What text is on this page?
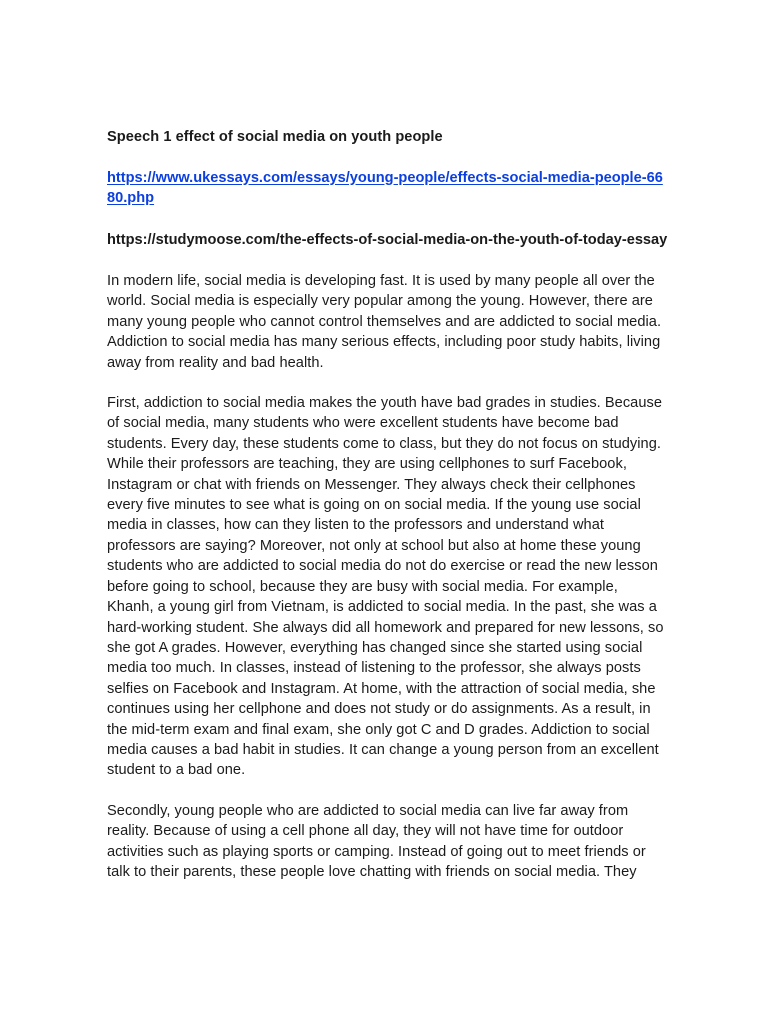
Speech 1 effect of social media on youth people

https://www.ukessays.com/essays/young-people/effects-social-media-people-6680.php

https://studymoose.com/the-effects-of-social-media-on-the-youth-of-today-essay

In modern life, social media is developing fast. It is used by many people all over the world. Social media is especially very popular among the young. However, there are many young people who cannot control themselves and are addicted to social media. Addiction to social media has many serious effects, including poor study habits, living away from reality and bad health.

First, addiction to social media makes the youth have bad grades in studies. Because of social media, many students who were excellent students have become bad students. Every day, these students come to class, but they do not focus on studying. While their professors are teaching, they are using cellphones to surf Facebook, Instagram or chat with friends on Messenger. They always check their cellphones every five minutes to see what is going on on social media. If the young use social media in classes, how can they listen to the professors and understand what professors are saying? Moreover, not only at school but also at home these young students who are addicted to social media do not do exercise or read the new lesson before going to school, because they are busy with social media. For example, Khanh, a young girl from Vietnam, is addicted to social media. In the past, she was a hard-working student. She always did all homework and prepared for new lessons, so she got A grades. However, everything has changed since she started using social media too much. In classes, instead of listening to the professor, she always posts selfies on Facebook and Instagram. At home, with the attraction of social media, she continues using her cellphone and does not study or do assignments. As a result, in the mid-term exam and final exam, she only got C and D grades. Addiction to social media causes a bad habit in studies. It can change a young person from an excellent student to a bad one.

Secondly, young people who are addicted to social media can live far away from reality. Because of using a cell phone all day, they will not have time for outdoor activities such as playing sports or camping. Instead of going out to meet friends or talk to their parents, these people love chatting with friends on social media. They
